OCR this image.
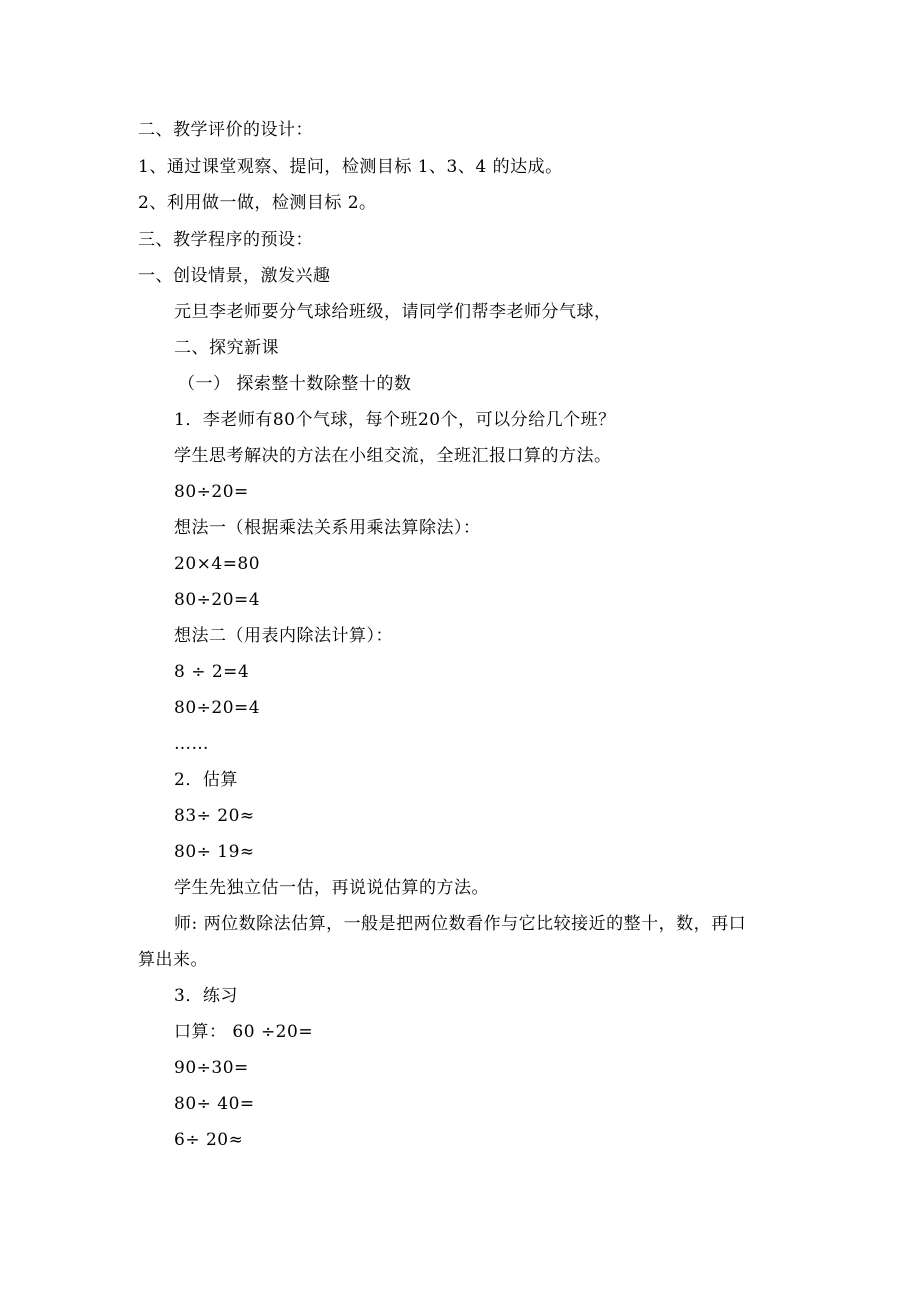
二、教学评价的设计：
1、通过课堂观察、提问，检测目标 1、3、4 的达成。
2、利用做一做，检测目标 2。
三、教学程序的预设：
一、创设情景，激发兴趣
元旦李老师要分气球给班级，请同学们帮李老师分气球，
二、探究新课
（一） 探索整十数除整十的数
1．李老师有80个气球，每个班20个，可以分给几个班？
学生思考解决的方法在小组交流，全班汇报口算的方法。
80÷20=
想法一（根据乘法关系用乘法算除法）：
20×4=80
80÷20=4
想法二（用表内除法计算）：
8 ÷ 2=4
80÷20=4
……
2．估算
83÷ 20≈
80÷ 19≈
学生先独立估一估，再说说估算的方法。
师: 两位数除法估算，一般是把两位数看作与它比较接近的整十，数，再口
算出来。
3．练习
口算： 60 ÷20=
90÷30=
80÷ 40=
6÷ 20≈
